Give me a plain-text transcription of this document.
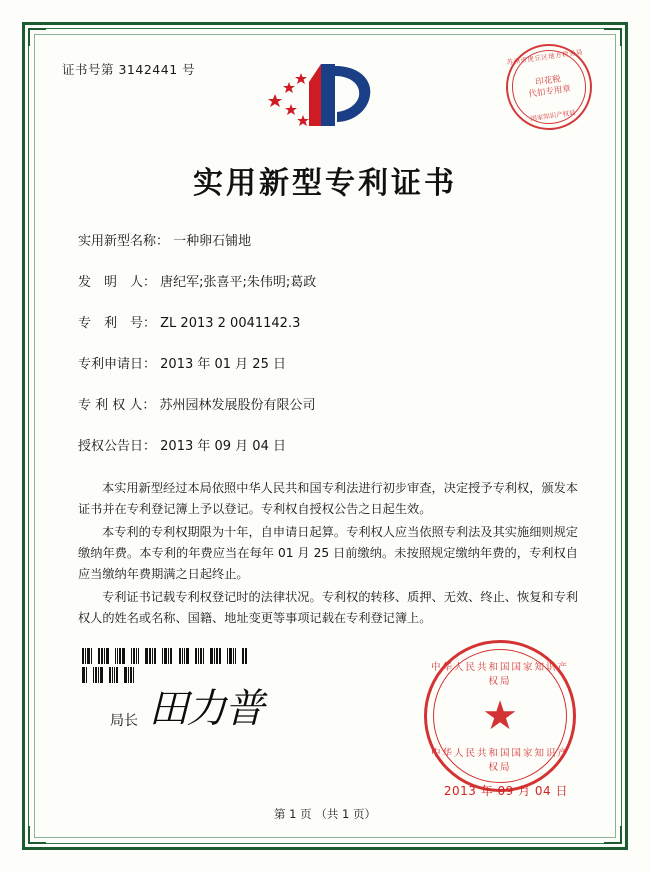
证书号第 3142441 号
苏州市虎丘区地方税务局
印花税
代扣专用章
国家知识产权局
实用新型专利证书
实用新型名称： 一种卵石铺地
发　明　人： 唐纪军;张喜平;朱伟明;葛政
专　利　号： ZL 2013 2 0041142.3
专利申请日： 2013 年 01 月 25 日
专 利 权 人： 苏州园林发展股份有限公司
授权公告日： 2013 年 09 月 04 日

本实用新型经过本局依照中华人民共和国专利法进行初步审查，决定授予专利权，颁发本证书并在专利登记簿上予以登记。专利权自授权公告之日起生效。

本专利的专利权期限为十年，自申请日起算。专利权人应当依照专利法及其实施细则规定缴纳年费。本专利的年费应当在每年 01 月 25 日前缴纳。未按照规定缴纳年费的，专利权自应当缴纳年费期满之日起终止。

专利证书记载专利权登记时的法律状况。专利权的转移、质押、无效、终止、恢复和专利权人的姓名或名称、国籍、地址变更等事项记载在专利登记簿上。

局长 田力普
中华人民共和国国家知识产权局
★
中华人民共和国国家知识产权局
2013 年 09 月 04 日
第 1 页 （共 1 页）
